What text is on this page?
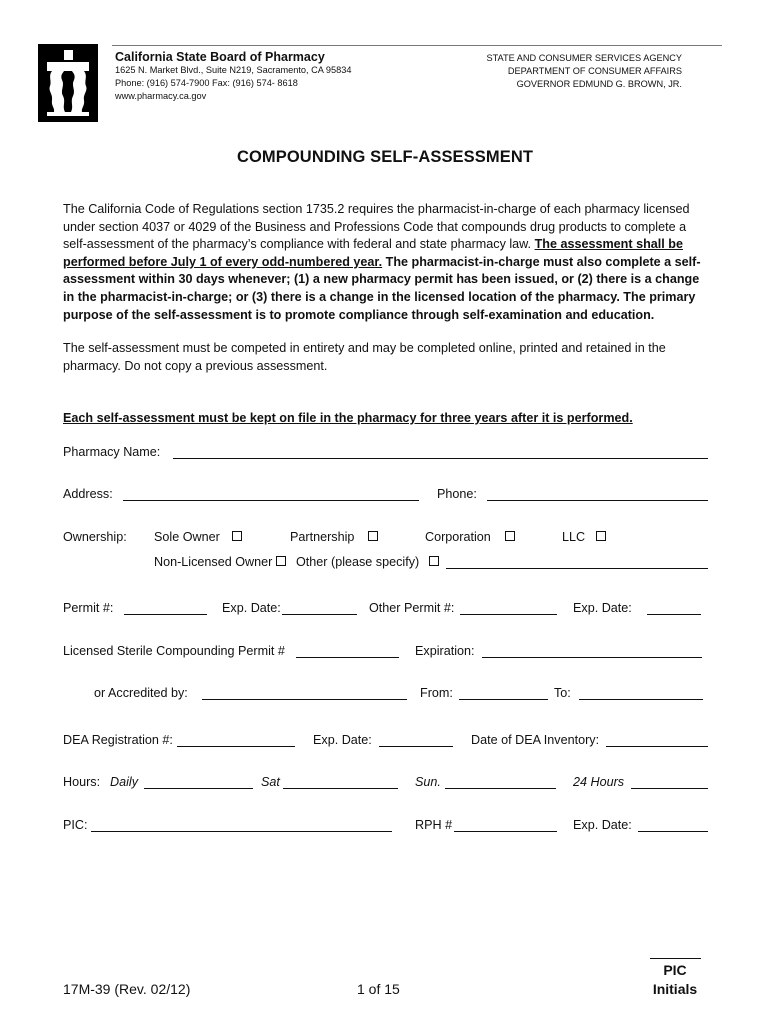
California State Board of Pharmacy
1625 N. Market Blvd., Suite N219, Sacramento, CA 95834
Phone: (916) 574-7900 Fax: (916) 574- 8618
www.pharmacy.ca.gov
STATE AND CONSUMER SERVICES AGENCY
DEPARTMENT OF CONSUMER AFFAIRS
GOVERNOR EDMUND G. BROWN, JR.
COMPOUNDING SELF-ASSESSMENT
The California Code of Regulations section 1735.2 requires the pharmacist-in-charge of each pharmacy licensed under section 4037 or 4029 of the Business and Professions Code that compounds drug products to complete a self-assessment of the pharmacy’s compliance with federal and state pharmacy law. The assessment shall be performed before July 1 of every odd-numbered year. The pharmacist-in-charge must also complete a self-assessment within 30 days whenever; (1) a new pharmacy permit has been issued, or (2) there is a change in the pharmacist-in-charge; or (3) there is a change in the licensed location of the pharmacy. The primary purpose of the self-assessment is to promote compliance through self-examination and education.
The self-assessment must be competed in entirety and may be completed online, printed and retained in the pharmacy. Do not copy a previous assessment.
Each self-assessment must be kept on file in the pharmacy for three years after it is performed.
Pharmacy Name:
Address:	Phone:
Ownership: Sole Owner	Partnership	Corporation	LLC
Non-Licensed Owner	Other (please specify)
Permit #:	Exp. Date:	Other Permit #:	Exp. Date:
Licensed Sterile Compounding Permit #	Expiration:
or Accredited by:	From:	To:
DEA Registration #:	Exp. Date:	Date of DEA Inventory:
Hours: Daily	Sat	Sun.	24 Hours
PIC:	RPH #	Exp. Date:
PIC
17M-39 (Rev. 02/12)	1 of 15	Initials
